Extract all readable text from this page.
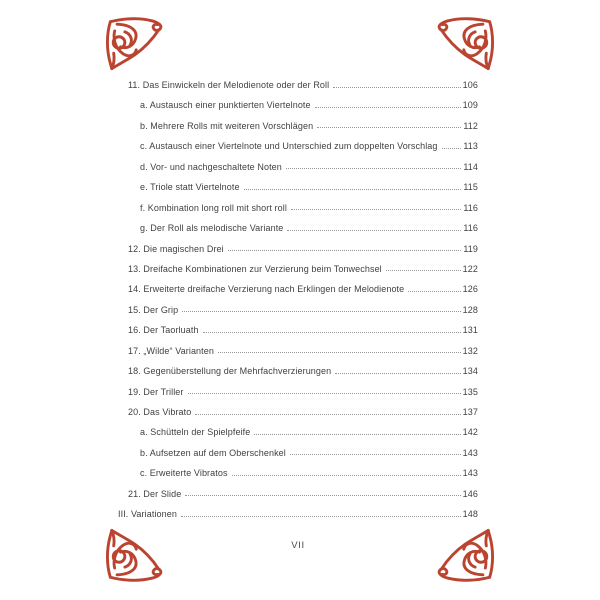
11. Das Einwickeln der Melodienote oder der Roll	106
a. Austausch einer punktierten Viertelnote	109
b. Mehrere Rolls mit weiteren Vorschlägen	112
c. Austausch einer Viertelnote und Unterschied zum doppelten Vorschlag	113
d. Vor- und nachgeschaltete Noten	114
e. Triole statt Viertelnote	115
f. Kombination long roll mit short roll	116
g. Der Roll als melodische Variante	116
12. Die magischen Drei	119
13. Dreifache Kombinationen zur Verzierung beim Tonwechsel	122
14. Erweiterte dreifache Verzierung nach Erklingen der Melodienote	126
15. Der Grip	128
16. Der Taorluath	131
17. „Wilde“ Varianten	132
18. Gegenüberstellung der Mehrfachverzierungen	134
19. Der Triller	135
20. Das Vibrato	137
a. Schütteln der Spielpfeife	142
b. Aufsetzen auf dem Oberschenkel	143
c. Erweiterte Vibratos	143
21. Der Slide	146
III. Variationen	148
VII
